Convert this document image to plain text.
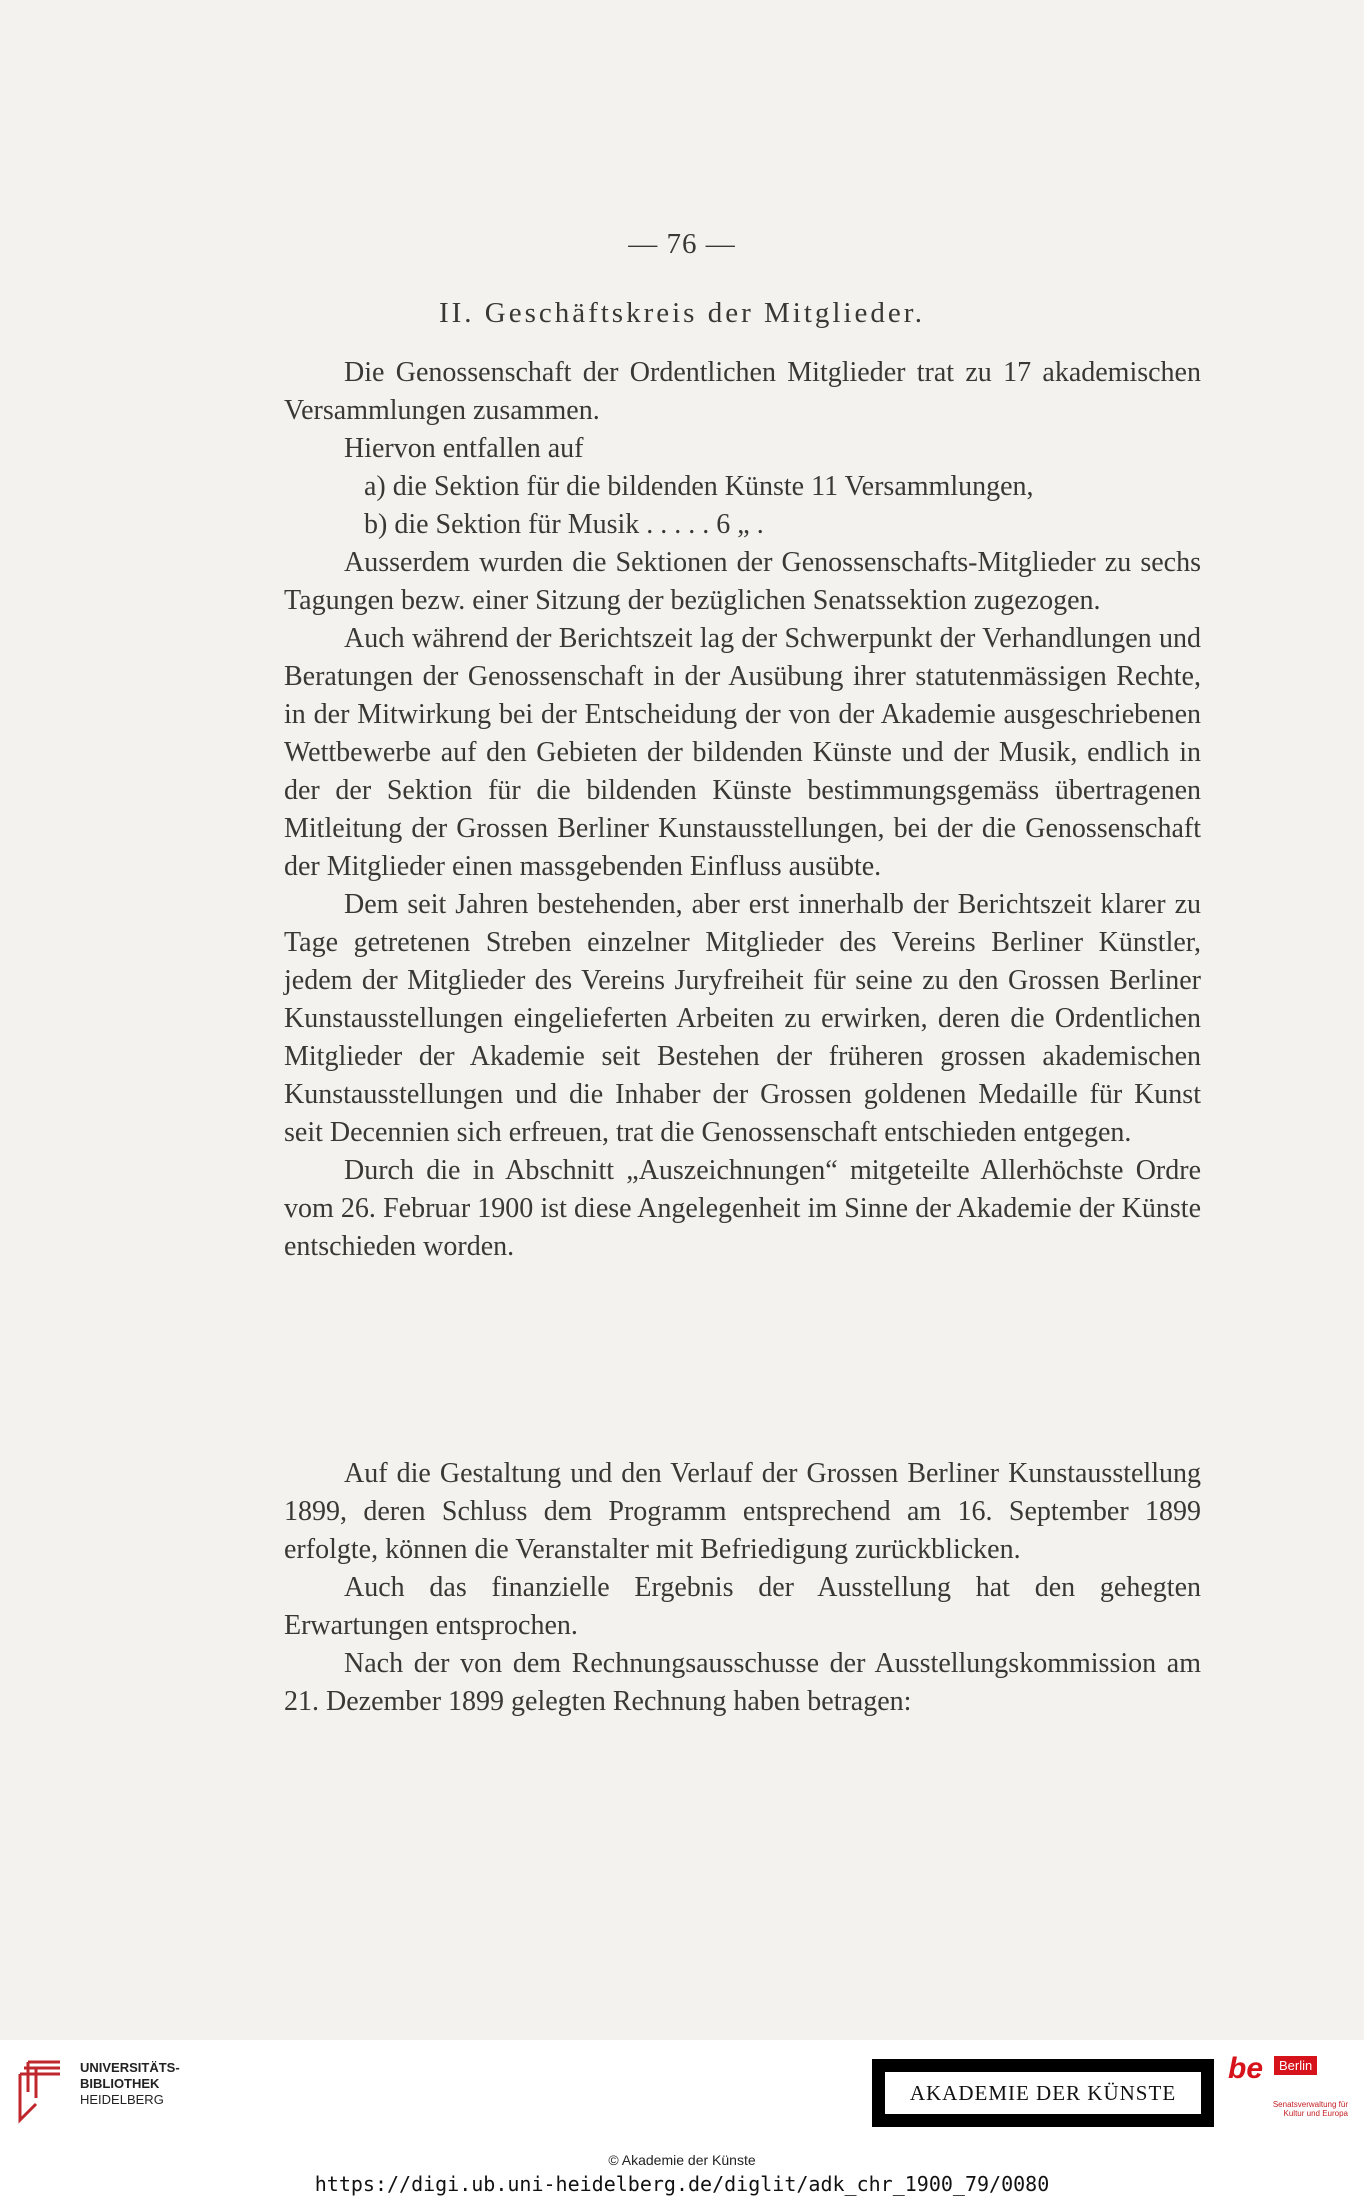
— 76 —
II. Geschäftskreis der Mitglieder.

Die Genossenschaft der Ordentlichen Mitglieder trat zu 17 akademischen Versammlungen zusammen.

Hiervon entfallen auf
a) die Sektion für die bildenden Künste 11 Versammlungen,
b) die Sektion für Musik . . . . . 6 „ .

Ausserdem wurden die Sektionen der Genossenschafts-Mitglieder zu sechs Tagungen bezw. einer Sitzung der bezüglichen Senatssektion zugezogen.

Auch während der Berichtszeit lag der Schwerpunkt der Verhandlungen und Beratungen der Genossenschaft in der Ausübung ihrer statutenmässigen Rechte, in der Mitwirkung bei der Entscheidung der von der Akademie ausgeschriebenen Wettbewerbe auf den Gebieten der bildenden Künste und der Musik, endlich in der der Sektion für die bildenden Künste bestimmungsgemäss übertragenen Mitleitung der Grossen Berliner Kunstausstellungen, bei der die Genossenschaft der Mitglieder einen massgebenden Einfluss ausübte.

Dem seit Jahren bestehenden, aber erst innerhalb der Berichtszeit klarer zu Tage getretenen Streben einzelner Mitglieder des Vereins Berliner Künstler, jedem der Mitglieder des Vereins Juryfreiheit für seine zu den Grossen Berliner Kunstausstellungen eingelieferten Arbeiten zu erwirken, deren die Ordentlichen Mitglieder der Akademie seit Bestehen der früheren grossen akademischen Kunstausstellungen und die Inhaber der Grossen goldenen Medaille für Kunst seit Decennien sich erfreuen, trat die Genossenschaft entschieden entgegen.

Durch die in Abschnitt „Auszeichnungen“ mitgeteilte Allerhöchste Ordre vom 26. Februar 1900 ist diese Angelegenheit im Sinne der Akademie der Künste entschieden worden.

Auf die Gestaltung und den Verlauf der Grossen Berliner Kunstausstellung 1899, deren Schluss dem Programm entsprechend am 16. September 1899 erfolgte, können die Veranstalter mit Befriedigung zurückblicken.

Auch das finanzielle Ergebnis der Ausstellung hat den gehegten Erwartungen entsprochen.

Nach der von dem Rechnungsausschusse der Ausstellungskommission am 21. Dezember 1899 gelegten Rechnung haben betragen:

UNIVERSITÄTS-
BIBLIOTHEK
HEIDELBERG	AKADEMIE DER KÜNSTE
be	Berlin
Senatsverwaltung für Kultur und Europa
© Akademie der Künste
https://digi.ub.uni-heidelberg.de/diglit/adk_chr_1900_79/0080
